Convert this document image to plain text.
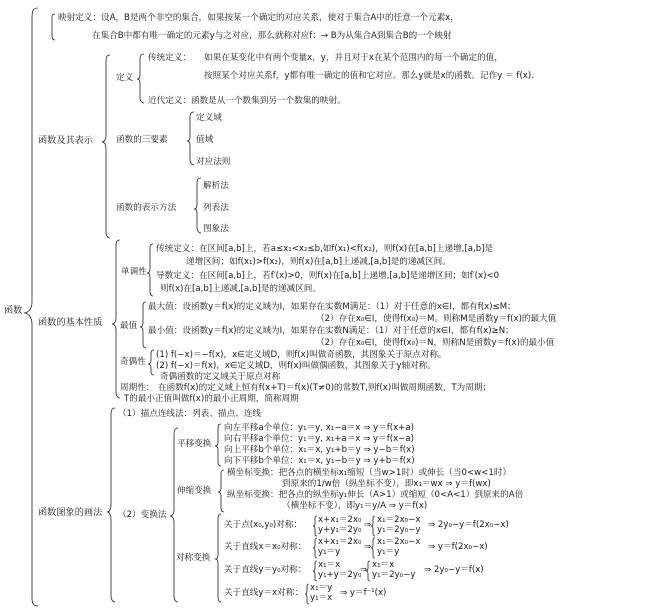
函数
映射定义：设A，B是两个非空的集合，如果按某一个确定的对应关系，使对于集合A中的任意一个元素x，
在集合B中都有唯一确定的元素y与之对应，那么就称对应f：→ B为从集合A到集合B的一个映射
函数及其表示
定义
传统定义： 如果在某变化中有两个变量x，y，并且对于x在某个范围内的每一个确定的值，
按照某个对应关系f，y都有唯一确定的值和它对应。那么y就是x的函数。记作y ＝ f(x).
近代定义：函数是从一个数集到另一个数集的映射。
函数的三要素
定义域
值域
对应法则
函数的表示方法
解析法
列表法
图象法
函数的基本性质
单调性
传统定义：在区间[a,b]上，若a≤x₁<x₂≤b,如f(x₁)<f(x₂)，则f(x)在[a,b]上递增,[a,b]是
递增区间；如f(x₁)>f(x₂)，则f(x)在[a,b]上递减,[a,b]是的递减区间。
导数定义：在区间[a,b]上，若f′(x)>0，则f(x)在[a,b]上递增,[a,b]是递增区间；如f′(x)<0
则f(x)在[a,b]上递减,[a,b]是的递减区间。
最值
最大值：设函数y＝f(x)的定义域为I，如果存在实数M满足：（1）对于任意的x∈I，都有f(x)≤M；
（2）存在x₀∈I，使得f(x₀)＝M。则称M是函数y＝f(x)的最大值
最小值：设函数y＝f(x)的定义域为I，如果存在实数N满足：（1）对于任意的x∈I，都有f(x)≥N；
（2）存在x₀∈I，使得f(x₀)＝N，则称N是函数y＝f(x)的最小值
奇偶性
(1) f(−x)＝−f(x)，x∈定义域D，则f(x)叫做奇函数，其图象关于原点对称。
(2) f(−x)＝f(x)，x∈定义域D，则f(x)叫做偶函数，其图象关于y轴对称。
奇偶函数的定义域关于原点对称
周期性： 在函数f(x)的定义域上恒有f(x+T)＝f(x)(T≠0)的常数T,则f(x)叫做周期函数，T为周期；
T的最小正值叫做f(x)的最小正周期，简称周期
函数图象的画法
（1）描点连线法：列表、描点、连线
（2）变换法
平移变换
向左平移a个单位：y₁＝y, x₁−a＝x ⇒ y＝f(x+a)
向右平移a个单位：y₁＝y, x₁+a＝x ⇒ y＝f(x−a)
向上平移b个单位：x₁＝x, y₁+b＝y ⇒ y−b＝f(x)
向下平移b个单位：x₁＝x, y₁−b＝y ⇒ y+b＝f(x)
伸缩变换
横坐标变换：把各点的横坐标x₁缩短（当w>1时）或伸长（当0<w<1时）
到原来的1/w倍（纵坐标不变），即x₁＝wx ⇒ y＝f(wx)
纵坐标变换：把各点的纵坐标y₁伸长（A>1）或缩短（0<A<1）到原来的A倍
（横坐标不变），即y₁＝y/A ⇒ y＝f(x)
对称变换
关于点(x₀,y₀)对称： x+x₁＝2x₀
y+y₁＝2y₀ ⇒ x₁＝2x₀−x
y₁＝2y₀−y ⇒ 2y₀−y＝f(2x₀−x)
关于直线x＝x₀对称： x+x₁＝2x₀
y₁＝y	⇒ x₁＝2x₀−x
y₁＝y	⇒ y＝f(2x₀−x)
关于直线y＝y₀对称： x₁＝x
y₁+y＝2y₀
⇒ x₁＝x
y₁＝2y₀−y ⇒ 2y₀−y＝f(x)
关于直线y＝x对称： x₁＝y
y₁＝x ⇒ y＝f⁻¹(x)
